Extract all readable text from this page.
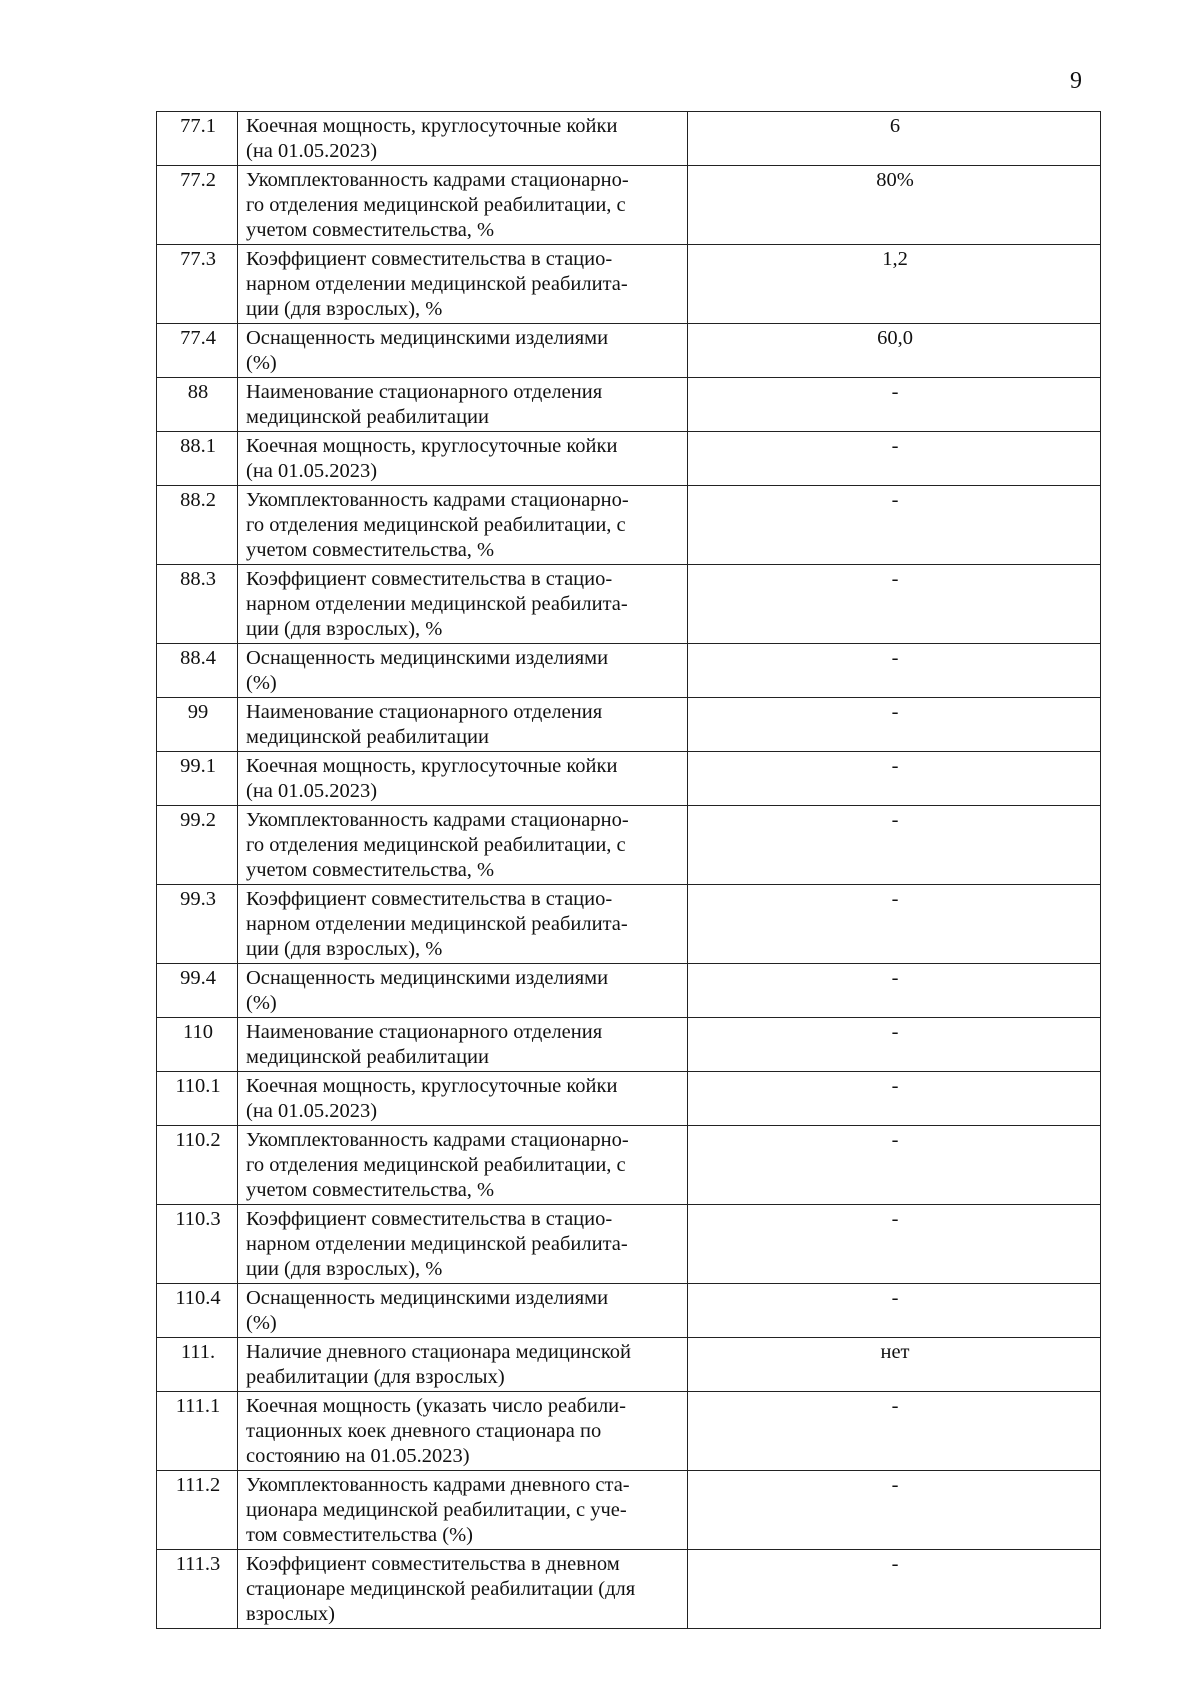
9
77.1	Коечная мощность, круглосуточные койки
(на 01.05.2023)	6
77.2	Укомплектованность кадрами стационарно-
го отделения медицинской реабилитации, с
учетом совместительства, %	80%
77.3	Коэффициент совместительства в стацио-
нарном отделении медицинской реабилита-
ции (для взрослых), %	1,2
77.4	Оснащенность медицинскими изделиями
(%)	60,0
88	Наименование стационарного отделения
медицинской реабилитации	-
88.1	Коечная мощность, круглосуточные койки
(на 01.05.2023)	-
88.2	Укомплектованность кадрами стационарно-
го отделения медицинской реабилитации, с
учетом совместительства, %	-
88.3	Коэффициент совместительства в стацио-
нарном отделении медицинской реабилита-
ции (для взрослых), %	-
88.4	Оснащенность медицинскими изделиями
(%)	-
99	Наименование стационарного отделения
медицинской реабилитации	-
99.1	Коечная мощность, круглосуточные койки
(на 01.05.2023)	-
99.2	Укомплектованность кадрами стационарно-
го отделения медицинской реабилитации, с
учетом совместительства, %	-
99.3	Коэффициент совместительства в стацио-
нарном отделении медицинской реабилита-
ции (для взрослых), %	-
99.4	Оснащенность медицинскими изделиями
(%)	-
110	Наименование стационарного отделения
медицинской реабилитации	-
110.1	Коечная мощность, круглосуточные койки
(на 01.05.2023)	-
110.2	Укомплектованность кадрами стационарно-
го отделения медицинской реабилитации, с
учетом совместительства, %	-
110.3	Коэффициент совместительства в стацио-
нарном отделении медицинской реабилита-
ции (для взрослых), %	-
110.4	Оснащенность медицинскими изделиями
(%)	-
111.	Наличие дневного стационара медицинской
реабилитации (для взрослых)	нет
111.1	Коечная мощность (указать число реабили-
тационных коек дневного стационара по
состоянию на 01.05.2023)	-
111.2	Укомплектованность кадрами дневного ста-
ционара медицинской реабилитации, с учe-
том совместительства (%)	-
111.3	Коэффициент совместительства в дневном
стационаре медицинской реабилитации (для
взрослых)	-
